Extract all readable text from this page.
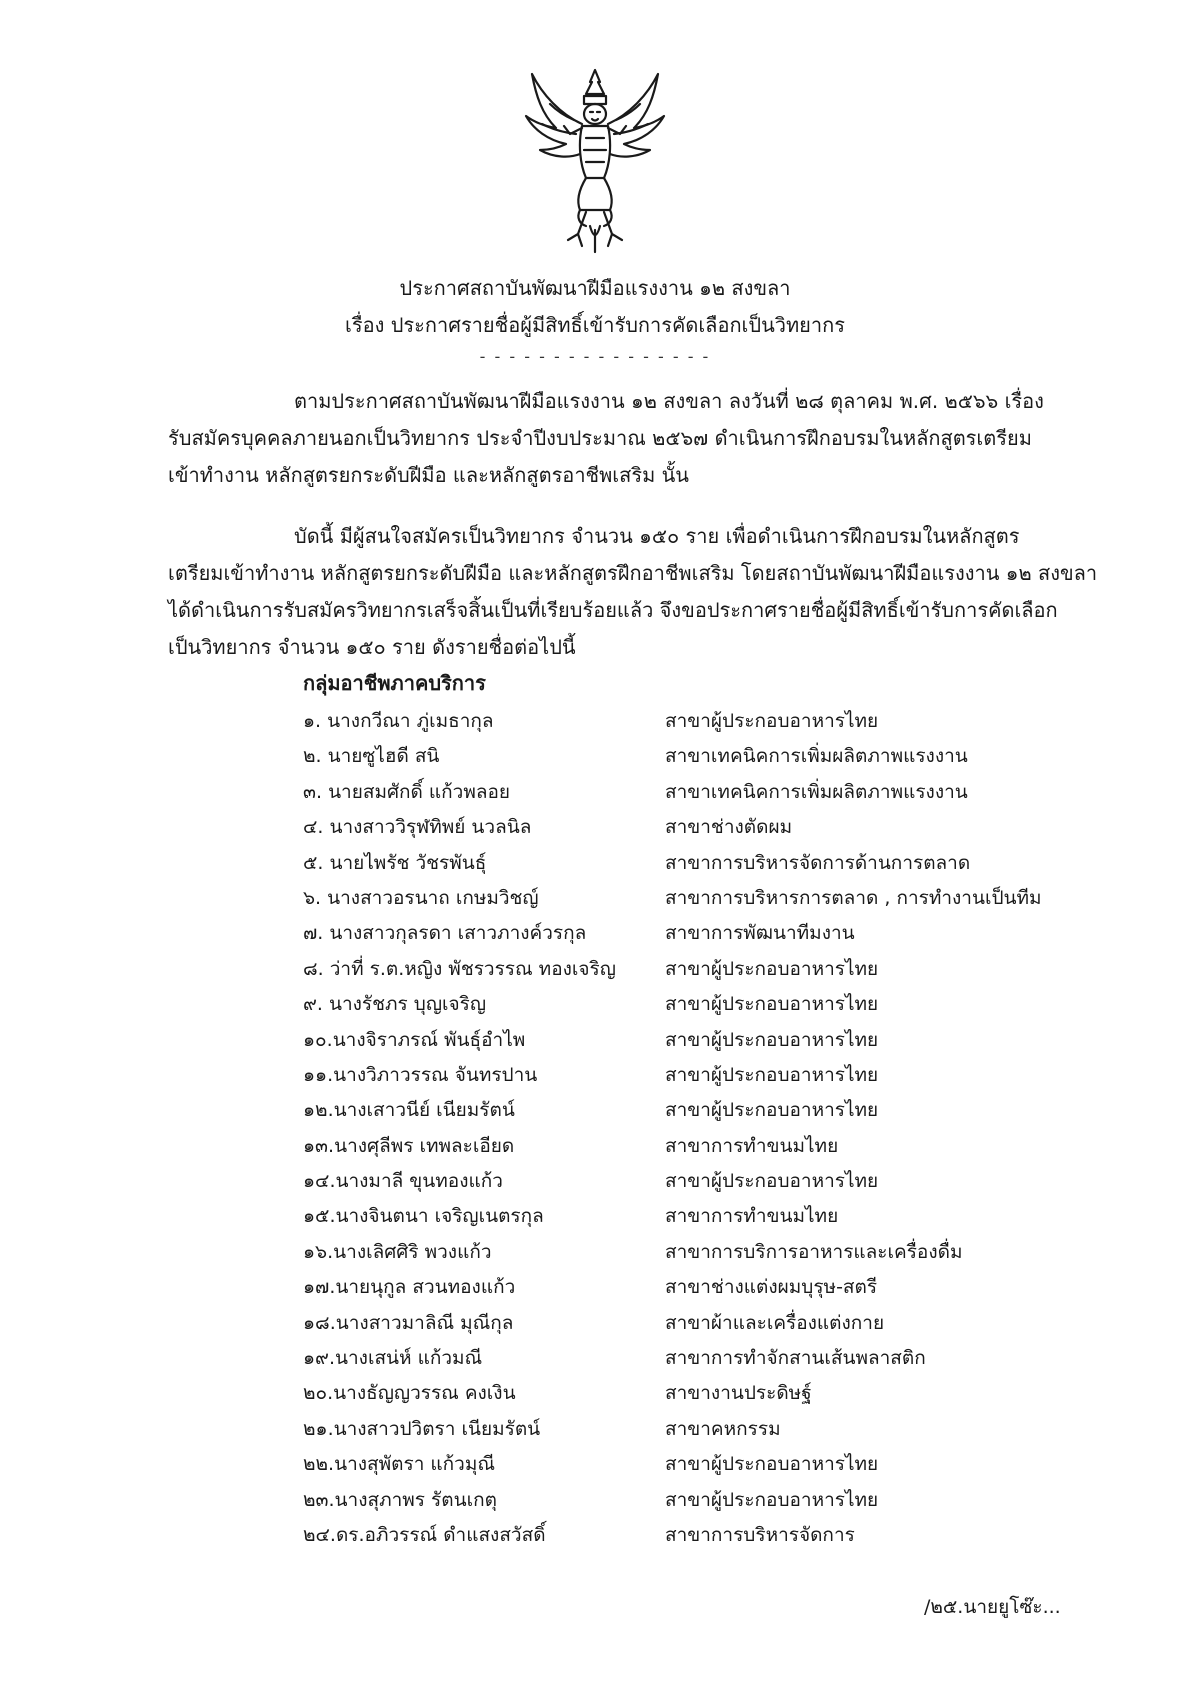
ประกาศสถาบันพัฒนาฝีมือแรงงาน ๑๒ สงขลา
เรื่อง ประกาศรายชื่อผู้มีสิทธิ์เข้ารับการคัดเลือกเป็นวิทยากร
- - - - - - - - - - - - - - - -

ตามประกาศสถาบันพัฒนาฝีมือแรงงาน ๑๒ สงขลา ลงวันที่ ๒๘ ตุลาคม พ.ศ. ๒๕๖๖ เรื่อง
รับสมัครบุคคลภายนอกเป็นวิทยากร ประจำปีงบประมาณ ๒๕๖๗ ดำเนินการฝึกอบรมในหลักสูตรเตรียม
เข้าทำงาน หลักสูตรยกระดับฝีมือ และหลักสูตรอาชีพเสริม นั้น

บัดนี้ มีผู้สนใจสมัครเป็นวิทยากร จำนวน ๑๕๐ ราย เพื่อดำเนินการฝึกอบรมในหลักสูตร
เตรียมเข้าทำงาน หลักสูตรยกระดับฝีมือ และหลักสูตรฝึกอาชีพเสริม โดยสถาบันพัฒนาฝีมือแรงงาน ๑๒ สงขลา
ได้ดำเนินการรับสมัครวิทยากรเสร็จสิ้นเป็นที่เรียบร้อยแล้ว จึงขอประกาศรายชื่อผู้มีสิทธิ์เข้ารับการคัดเลือก
เป็นวิทยากร จำนวน ๑๕๐ ราย ดังรายชื่อต่อไปนี้

กลุ่มอาชีพภาคบริการ
๑. นางกวีณา ภู่เมธากุล	สาขาผู้ประกอบอาหารไทย
๒. นายซูไฮดี สนิ	สาขาเทคนิคการเพิ่มผลิตภาพแรงงาน
๓. นายสมศักดิ์ แก้วพลอย	สาขาเทคนิคการเพิ่มผลิตภาพแรงงาน
๔. นางสาววิรุฬทิพย์ นวลนิล	สาขาช่างตัดผม
๕. นายไพรัช วัชรพันธุ์	สาขาการบริหารจัดการด้านการตลาด
๖. นางสาวอรนาถ เกษมวิชญ์	สาขาการบริหารการตลาด , การทำงานเป็นทีม
๗. นางสาวกุลรดา เสาวภางค์วรกุล	สาขาการพัฒนาทีมงาน
๘. ว่าที่ ร.ต.หญิง พัชรวรรณ ทองเจริญ	สาขาผู้ประกอบอาหารไทย
๙. นางรัชภร บุญเจริญ	สาขาผู้ประกอบอาหารไทย
๑๐.นางจิราภรณ์ พันธุ์อำไพ	สาขาผู้ประกอบอาหารไทย
๑๑.นางวิภาวรรณ จันทรปาน	สาขาผู้ประกอบอาหารไทย
๑๒.นางเสาวนีย์ เนียมรัตน์	สาขาผู้ประกอบอาหารไทย
๑๓.นางศุลีพร เทพละเอียด	สาขาการทำขนมไทย
๑๔.นางมาลี ขุนทองแก้ว	สาขาผู้ประกอบอาหารไทย
๑๕.นางจินตนา เจริญเนตรกุล	สาขาการทำขนมไทย
๑๖.นางเลิศศิริ พวงแก้ว	สาขาการบริการอาหารและเครื่องดื่ม
๑๗.นายนุกูล สวนทองแก้ว	สาขาช่างแต่งผมบุรุษ-สตรี
๑๘.นางสาวมาลิณี มุณีกุล	สาขาผ้าและเครื่องแต่งกาย
๑๙.นางเสน่ห์ แก้วมณี	สาขาการทำจักสานเส้นพลาสติก
๒๐.นางธัญญวรรณ คงเงิน	สาขางานประดิษฐ์
๒๑.นางสาวปวิตรา เนียมรัตน์	สาขาคหกรรม
๒๒.นางสุพัตรา แก้วมุณี	สาขาผู้ประกอบอาหารไทย
๒๓.นางสุภาพร รัตนเกตุ	สาขาผู้ประกอบอาหารไทย
๒๔.ดร.อภิวรรณ์ ดำแสงสวัสดิ์	สาขาการบริหารจัดการ
/๒๕.นายยูโซ๊ะ...
